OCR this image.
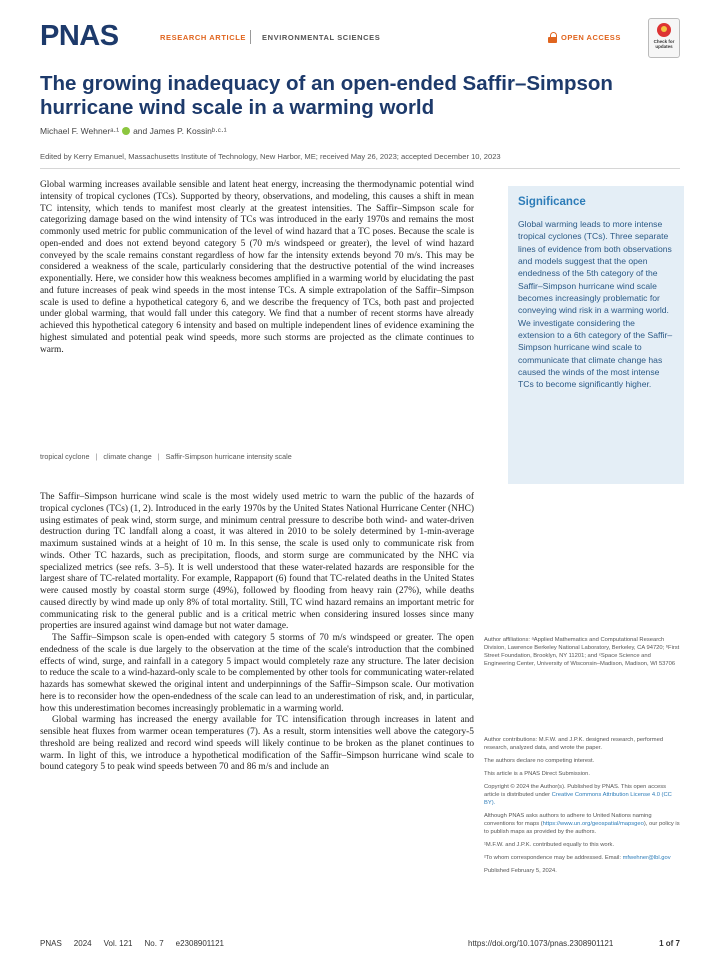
PNAS	RESEARCH ARTICLE ENVIRONMENTAL SCIENCES	OPEN ACCESS	Check for updates
The growing inadequacy of an open-ended Saffir–Simpson hurricane wind scale in a warming world
Michael F. Wehnerᵃ·¹ and James P. Kossinᵇ·ᶜ·¹
Edited by Kerry Emanuel, Massachusetts Institute of Technology, New Harbor, ME; received May 26, 2023; accepted December 10, 2023

Global warming increases available sensible and latent heat energy, increasing the thermodynamic potential wind intensity of tropical cyclones (TCs). Supported by theory, observations, and modeling, this causes a shift in mean TC intensity, which tends to manifest most clearly at the greatest intensities. The Saffir–Simpson scale for categorizing damage based on the wind intensity of TCs was introduced in the early 1970s and remains the most commonly used metric for public communication of the level of wind hazard that a TC poses. Because the scale is open-ended and does not extend beyond category 5 (70 m/s windspeed or greater), the level of wind hazard conveyed by the scale remains constant regardless of how far the intensity extends beyond 70 m/s. This may be considered a weakness of the scale, particularly considering that the destructive potential of the wind increases exponentially. Here, we consider how this weakness becomes amplified in a warming world by elucidating the past and future increases of peak wind speeds in the most intense TCs. A simple extrapolation of the Saffir–Simpson scale is used to define a hypothetical category 6, and we describe the frequency of TCs, both past and projected under global warming, that would fall under this category. We find that a number of recent storms have already achieved this hypothetical category 6 intensity and based on multiple independent lines of evidence examining the highest simulated and potential peak wind speeds, more such storms are projected as the climate continues to warm.

tropical cyclone | climate change | Saffir-Simpson hurricane intensity scale
Significance

Global warming leads to more intense tropical cyclones (TCs). Three separate lines of evidence from both observations and models suggest that the open endedness of the 5th category of the Saffir–Simpson hurricane wind scale becomes increasingly problematic for conveying wind risk in a warming world. We investigate considering the extension to a 6th category of the Saffir–Simpson hurricane wind scale to communicate that climate change has caused the winds of the most intense TCs to become significantly higher.

The Saffir–Simpson hurricane wind scale is the most widely used metric to warn the public of the hazards of tropical cyclones (TCs) (1, 2). Introduced in the early 1970s by the United States National Hurricane Center (NHC) using estimates of peak wind, storm surge, and minimum central pressure to describe both wind- and water-driven destruction during TC landfall along a coast, it was altered in 2010 to be solely determined by 1-min-average maximum sustained winds at a height of 10 m. In this sense, the scale is used only to communicate risk from winds. Other TC hazards, such as precipitation, floods, and storm surge are communicated by the NHC via specialized metrics (see refs. 3–5). It is well understood that these water-related hazards are responsible for the largest share of TC-related mortality. For example, Rappaport (6) found that TC-related deaths in the United States were caused mostly by coastal storm surge (49%), followed by flooding from heavy rain (27%), while deaths caused directly by wind made up only 8% of total mortality. Still, TC wind hazard remains an important metric for communicating risk to the general public and is a critical metric when considering insured losses since many properties are insured against wind damage but not water damage.

The Saffir–Simpson scale is open-ended with category 5 storms of 70 m/s windspeed or greater. The open endedness of the scale is due largely to the observation at the time of the scale's introduction that the combined effects of wind, surge, and rainfall in a category 5 impact would completely raze any structure. The later decision to reduce the scale to a wind-hazard-only scale to be complemented by other tools for communicating water-related hazards has somewhat skewed the original intent and underpinnings of the Saffir–Simpson scale. Our motivation here is to reconsider how the open-endedness of the scale can lead to an underestimation of risk, and, in particular, how this underestimation becomes increasingly problematic in a warming world.

Global warming has increased the energy available for TC intensification through increases in latent and sensible heat fluxes from warmer ocean temperatures (7). As a result, storm intensities well above the category-5 threshold are being realized and record wind speeds will likely continue to be broken as the planet continues to warm. In light of this, we introduce a hypothetical modification of the Saffir–Simpson hurricane wind scale to bound category 5 to peak wind speeds between 70 and 86 m/s and include an

Author affiliations: ᵃApplied Mathematics and Computational Research Division, Lawrence Berkeley National Laboratory, Berkeley, CA 94720; ᵇFirst Street Foundation, Brooklyn, NY 11201; and ᶜSpace Science and Engineering Center, University of Wisconsin–Madison, Madison, WI 53706

Author contributions: M.F.W. and J.P.K. designed research, performed research, analyzed data, and wrote the paper.

The authors declare no competing interest.

This article is a PNAS Direct Submission.

Copyright © 2024 the Author(s). Published by PNAS. This open access article is distributed under Creative Commons Attribution License 4.0 (CC BY).

Although PNAS asks authors to adhere to United Nations naming conventions for maps (https://www.un.org/geospatial/mapsgeo), our policy is to publish maps as provided by the authors.

¹M.F.W. and J.P.K. contributed equally to this work.

²To whom correspondence may be addressed. Email: mfwehner@lbl.gov

Published February 5, 2024.

PNAS 2024 Vol. 121 No. 7 e2308901121	https://doi.org/10.1073/pnas.2308901121	1 of 7
